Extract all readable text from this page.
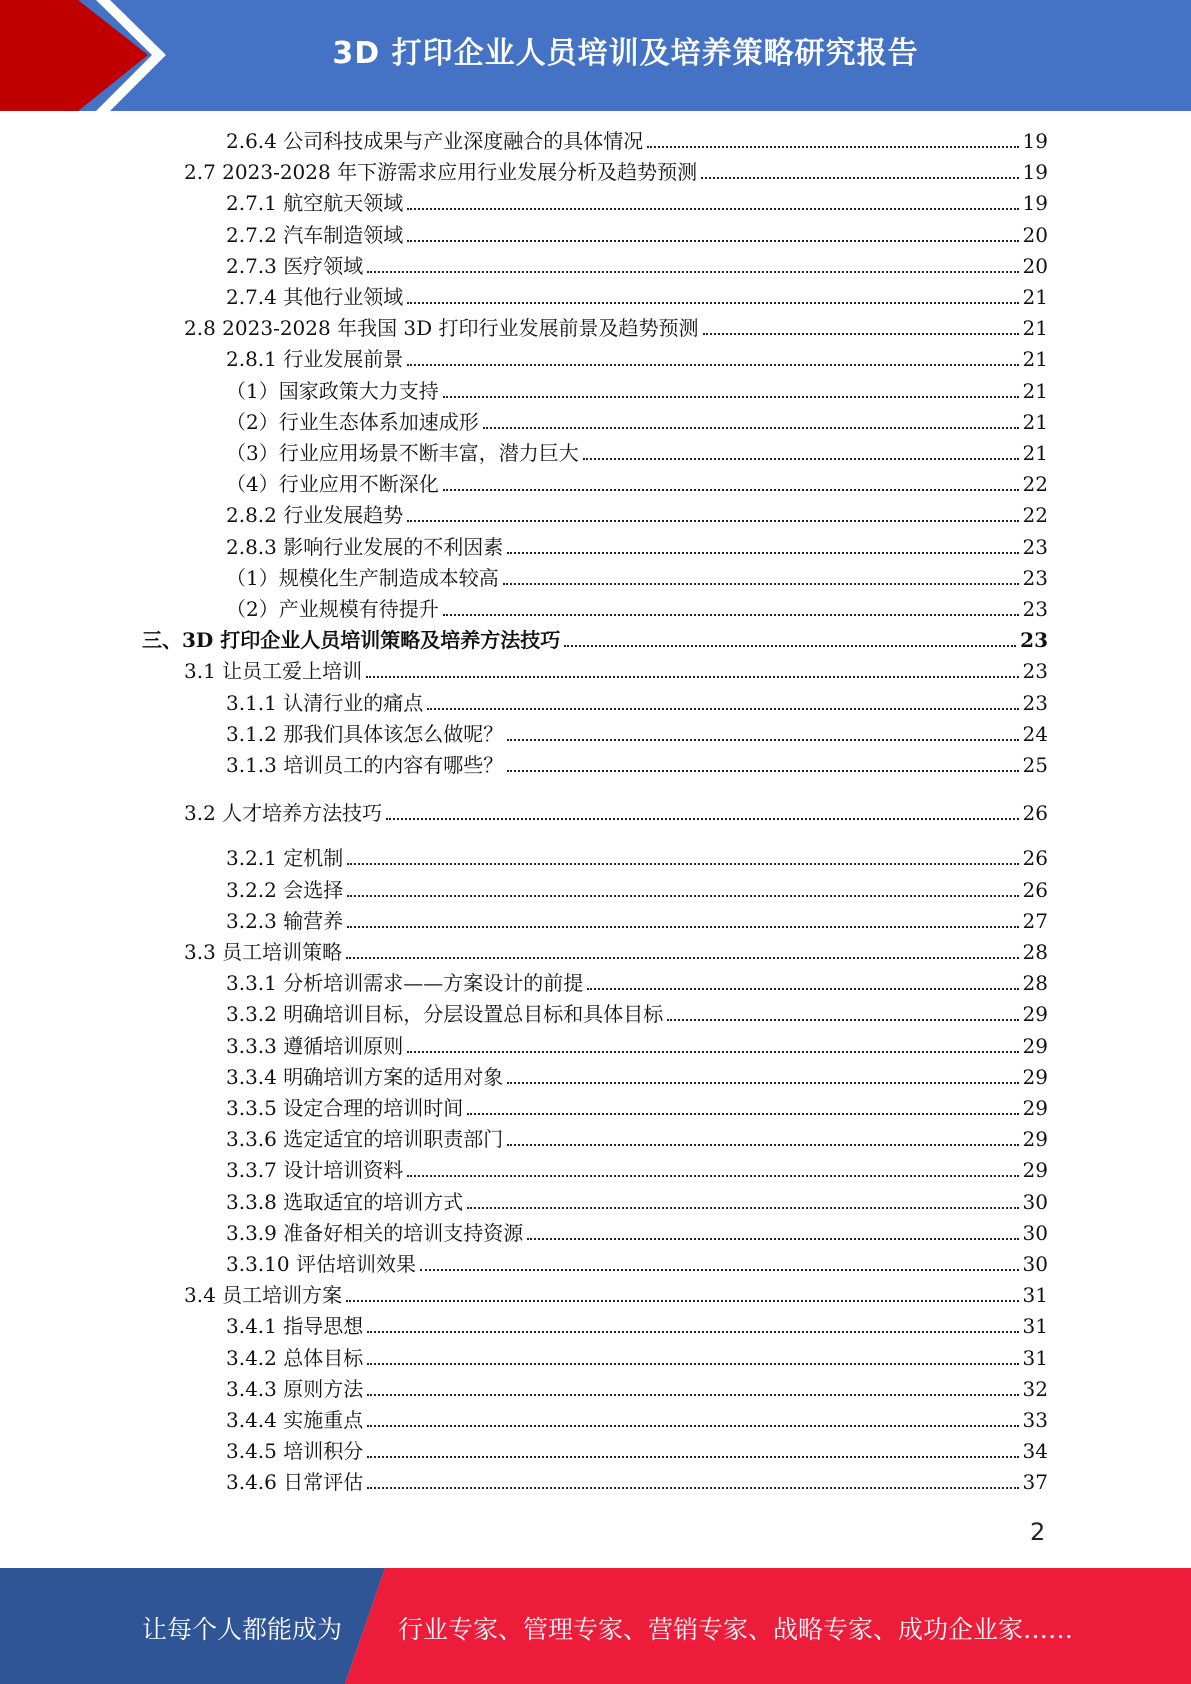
3D 打印企业人员培训及培养策略研究报告
2.6.4 公司科技成果与产业深度融合的具体情况	19
2.7 2023-2028 年下游需求应用行业发展分析及趋势预测	19
2.7.1 航空航天领域	19
2.7.2 汽车制造领域	20
2.7.3 医疗领域	20
2.7.4 其他行业领域	21
2.8 2023-2028 年我国 3D 打印行业发展前景及趋势预测	21
2.8.1 行业发展前景	21
（1）国家政策大力支持	21
（2）行业生态体系加速成形	21
（3）行业应用场景不断丰富，潜力巨大	21
（4）行业应用不断深化	22
2.8.2 行业发展趋势	22
2.8.3 影响行业发展的不利因素	23
（1）规模化生产制造成本较高	23
（2）产业规模有待提升	23
三、3D 打印企业人员培训策略及培养方法技巧	23
3.1 让员工爱上培训	23
3.1.1 认清行业的痛点	23
3.1.2 那我们具体该怎么做呢？	24
3.1.3 培训员工的内容有哪些？	25
3.2 人才培养方法技巧	26
3.2.1 定机制	26
3.2.2 会选择	26
3.2.3 输营养	27
3.3 员工培训策略	28
3.3.1 分析培训需求——方案设计的前提	28
3.3.2 明确培训目标，分层设置总目标和具体目标	29
3.3.3 遵循培训原则	29
3.3.4 明确培训方案的适用对象	29
3.3.5 设定合理的培训时间	29
3.3.6 选定适宜的培训职责部门	29
3.3.7 设计培训资料	29
3.3.8 选取适宜的培训方式	30
3.3.9 准备好相关的培训支持资源	30
3.3.10 评估培训效果	30
3.4 员工培训方案	31
3.4.1 指导思想	31
3.4.2 总体目标	31
3.4.3 原则方法	32
3.4.4 实施重点	33
3.4.5 培训积分	34
3.4.6 日常评估	37
2
让每个人都能成为 行业专家、管理专家、营销专家、战略专家、成功企业家……
